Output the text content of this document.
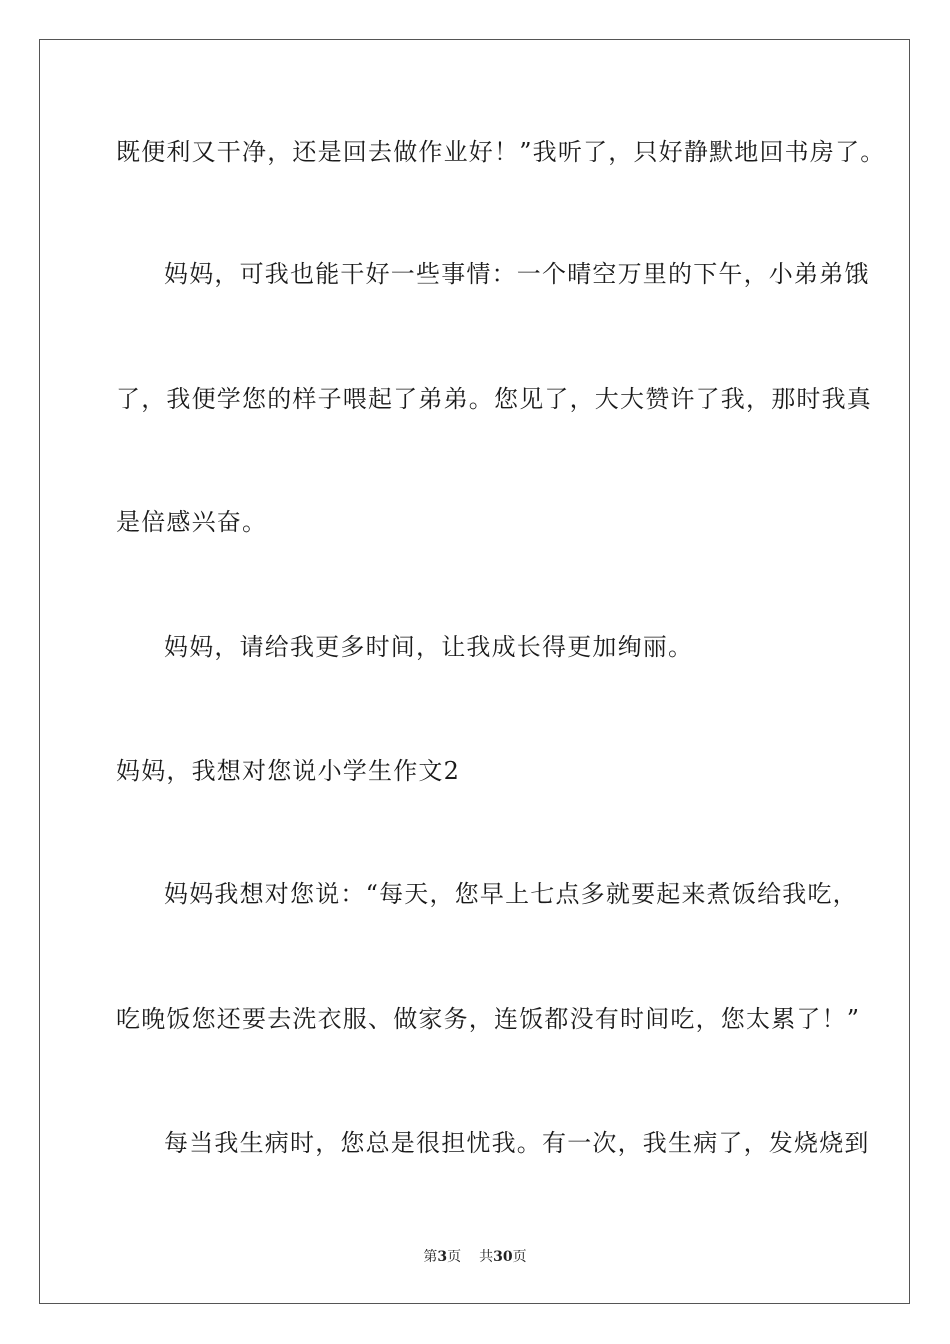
既便利又干净，还是回去做作业好！”我听了，只好静默地回书房了。
妈妈，可我也能干好一些事情：一个晴空万里的下午，小弟弟饿
了，我便学您的样子喂起了弟弟。您见了，大大赞许了我，那时我真
是倍感兴奋。
妈妈，请给我更多时间，让我成长得更加绚丽。
妈妈，我想对您说小学生作文2
妈妈我想对您说：“每天，您早上七点多就要起来煮饭给我吃，
吃晚饭您还要去洗衣服、做家务，连饭都没有时间吃，您太累了！”
每当我生病时，您总是很担忧我。有一次，我生病了，发烧烧到
第3页 共30页
